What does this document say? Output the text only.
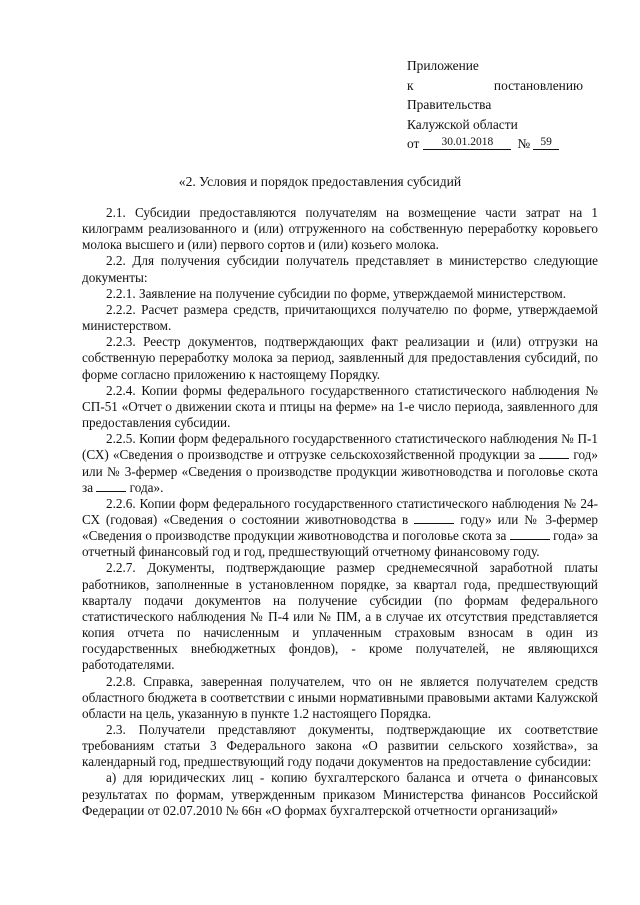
Приложение
к	постановлению
Правительства
Калужской области
от	30.01.2018	№ 59
«2. Условия и порядок предоставления субсидий

2.1. Субсидии предоставляются получателям на возмещение части затрат на 1 килограмм реализованного и (или) отгруженного на собственную переработку коровьего молока высшего и (или) первого сортов и (или) козьего молока.

2.2. Для получения субсидии получатель представляет в министерство следующие документы:

2.2.1. Заявление на получение субсидии по форме, утверждаемой министерством.

2.2.2. Расчет размера средств, причитающихся получателю по форме, утверждаемой министерством.

2.2.3. Реестр документов, подтверждающих факт реализации и (или) отгрузки на собственную переработку молока за период, заявленный для предоставления субсидий, по форме согласно приложению к настоящему Порядку.

2.2.4. Копии формы федерального государственного статистического наблюдения № СП-51 «Отчет о движении скота и птицы на ферме» на 1-е число периода, заявленного для предоставления субсидии.

2.2.5. Копии форм федерального государственного статистического наблюдения № П-1 (СХ) «Сведения о производстве и отгрузке сельскохозяйственной продукции за	год» или № 3-фермер «Сведения о производстве продукции животноводства и поголовье скота за	года».

2.2.6. Копии форм федерального государственного статистического наблюдения № 24-СХ (годовая) «Сведения о состоянии животноводства в	году» или № 3-фермер «Сведения о производстве продукции животноводства и поголовье скота за	года» за отчетный финансовый год и год, предшествующий отчетному финансовому году.

2.2.7. Документы, подтверждающие размер среднемесячной заработной платы работников, заполненные в установленном порядке, за квартал года, предшествующий кварталу подачи документов на получение субсидии (по формам федерального статистического наблюдения № П-4 или № ПМ, а в случае их отсутствия представляется копия отчета по начисленным и уплаченным страховым взносам в один из государственных внебюджетных фондов), - кроме получателей, не являющихся работодателями.

2.2.8. Справка, заверенная получателем, что он не является получателем средств областного бюджета в соответствии с иными нормативными правовыми актами Калужской области на цель, указанную в пункте 1.2 настоящего Порядка.

2.3. Получатели представляют документы, подтверждающие их соответствие требованиям статьи 3 Федерального закона «О развитии сельского хозяйства», за календарный год, предшествующий году подачи документов на предоставление субсидии:

а) для юридических лиц - копию бухгалтерского баланса и отчета о финансовых результатах по формам, утвержденным приказом Министерства финансов Российской Федерации от 02.07.2010 № 66н «О формах бухгалтерской отчетности организаций»
